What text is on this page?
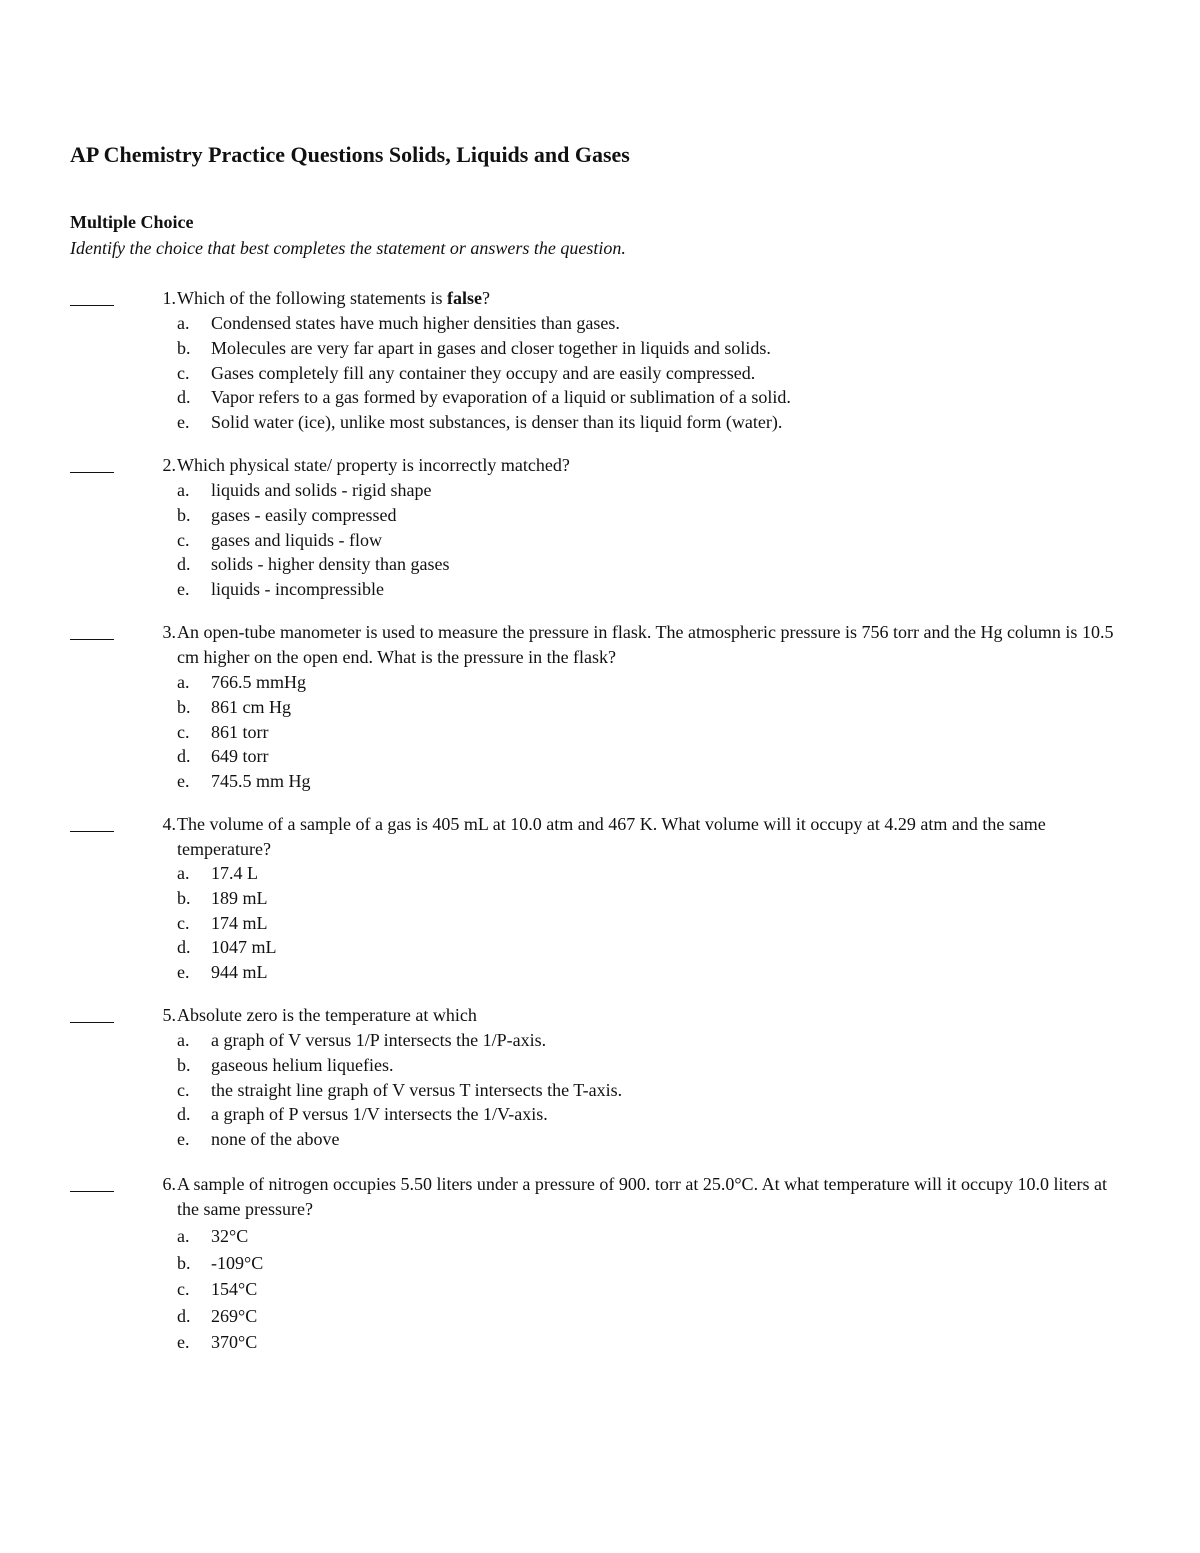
AP Chemistry Practice Questions Solids, Liquids and Gases
Multiple Choice
Identify the choice that best completes the statement or answers the question.
1. Which of the following statements is false?
a.	Condensed states have much higher densities than gases.
b.	Molecules are very far apart in gases and closer together in liquids and solids.
c.	Gases completely fill any container they occupy and are easily compressed.
d.	Vapor refers to a gas formed by evaporation of a liquid or sublimation of a solid.
e.	Solid water (ice), unlike most substances, is denser than its liquid form (water).
2. Which physical state/ property is incorrectly matched?
a.	liquids and solids - rigid shape
b.	gases - easily compressed
c.	gases and liquids - flow
d.	solids - higher density than gases
e.	liquids - incompressible
3. An open-tube manometer is used to measure the pressure in flask. The atmospheric pressure is 756 torr and the Hg column is 10.5 cm higher on the open end. What is the pressure in the flask?
a.	766.5 mmHg
b.	861 cm Hg
c.	861 torr
d.	649 torr
e.	745.5 mm Hg
4. The volume of a sample of a gas is 405 mL at 10.0 atm and 467 K. What volume will it occupy at 4.29 atm and the same temperature?
a.	17.4 L
b.	189 mL
c.	174 mL
d.	1047 mL
e.	944 mL
5. Absolute zero is the temperature at which
a.	a graph of V versus 1/P intersects the 1/P-axis.
b.	gaseous helium liquefies.
c.	the straight line graph of V versus T intersects the T-axis.
d.	a graph of P versus 1/V intersects the 1/V-axis.
e.	none of the above
6. A sample of nitrogen occupies 5.50 liters under a pressure of 900. torr at 25.0°C. At what temperature will it occupy 10.0 liters at the same pressure?
a.	32°C
b.	-109°C
c.	154°C
d.	269°C
e.	370°C
